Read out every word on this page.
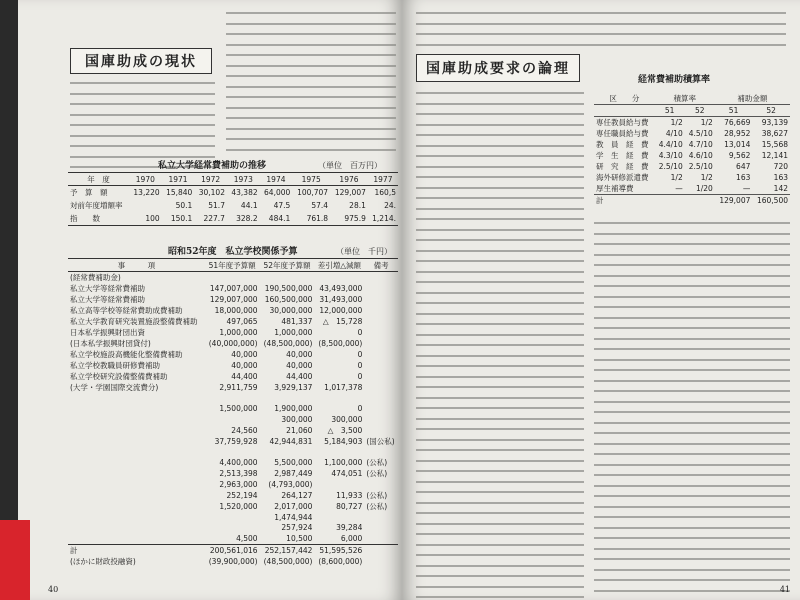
国庫助成の現状
私立大学経常費補助の推移	（単位　百万円）
年　度	1970	1971	1972	1973	1974	1975	1976	1977
予　算　額	13,220	15,840	30,102	43,382	64,000	100,707	129,007	160,5
対前年度増額率		50.1	51.7	44.1	47.5	57.4	28.1	24.
指　　数	100	150.1	227.7	328.2	484.1	761.8	975.9	1,214.
昭和52年度　私立学校関係予算	（単位　千円）
事　　　項	51年度予算額	52年度予算額	差引増△減額	備考
(経常費補助金)				
私立大学等経常費補助	147,007,000	190,500,000	43,493,000	
私立大学等経常費補助	129,007,000	160,500,000	31,493,000	
私立高等学校等経常費助成費補助	18,000,000	30,000,000	12,000,000	
私立大学教育研究装置施設整備費補助	497,065	481,337	△　15,728	
日本私学振興財団出資	1,000,000	1,000,000	0	
(日本私学振興財団貸付)	(40,000,000)	(48,500,000)	(8,500,000)	
私立学校施設高機能化整備費補助	40,000	40,000	0	
私立学校教職員研修費補助	40,000	40,000	0	
私立学校研究設備整備費補助	44,400	44,400	0	
(大学・学園国際交流費分)	2,911,759	3,929,137	1,017,378	

	1,500,000	1,900,000	0	
		300,000	300,000	
	24,560	21,060	△　3,500	
	37,759,928	42,944,831	5,184,903	(国公私)

	4,400,000	5,500,000	1,100,000	(公私)
	2,513,398	2,987,449	474,051	(公私)
	2,963,000	(4,793,000)		
	252,194	264,127	11,933	(公私)
	1,520,000	2,017,000	80,727	(公私)
		1,474,944		
		257,924	39,284	
	4,500	10,500	6,000	
計	200,561,016	252,157,442	51,595,526	
(ほかに財政投融資)	(39,900,000)	(48,500,000)	(8,600,000)	
40
国庫助成要求の論理
経常費補助積算率
区　　分	積算率		補助金額	
	51	52	51	52
専任教員給与費	1/2	1/2	76,669	93,139
専任職員給与費	4/10	4.5/10	28,952	38,627
教　員　経　費	4.4/10	4.7/10	13,014	15,568
学　生　経　費	4.3/10	4.6/10	9,562	12,141
研　究　経　費	2.5/10	2.5/10	647	720
海外研修派遣費	1/2	1/2	163	163
厚生補導費	—	1/20	—	142
計			129,007	160,500
41
